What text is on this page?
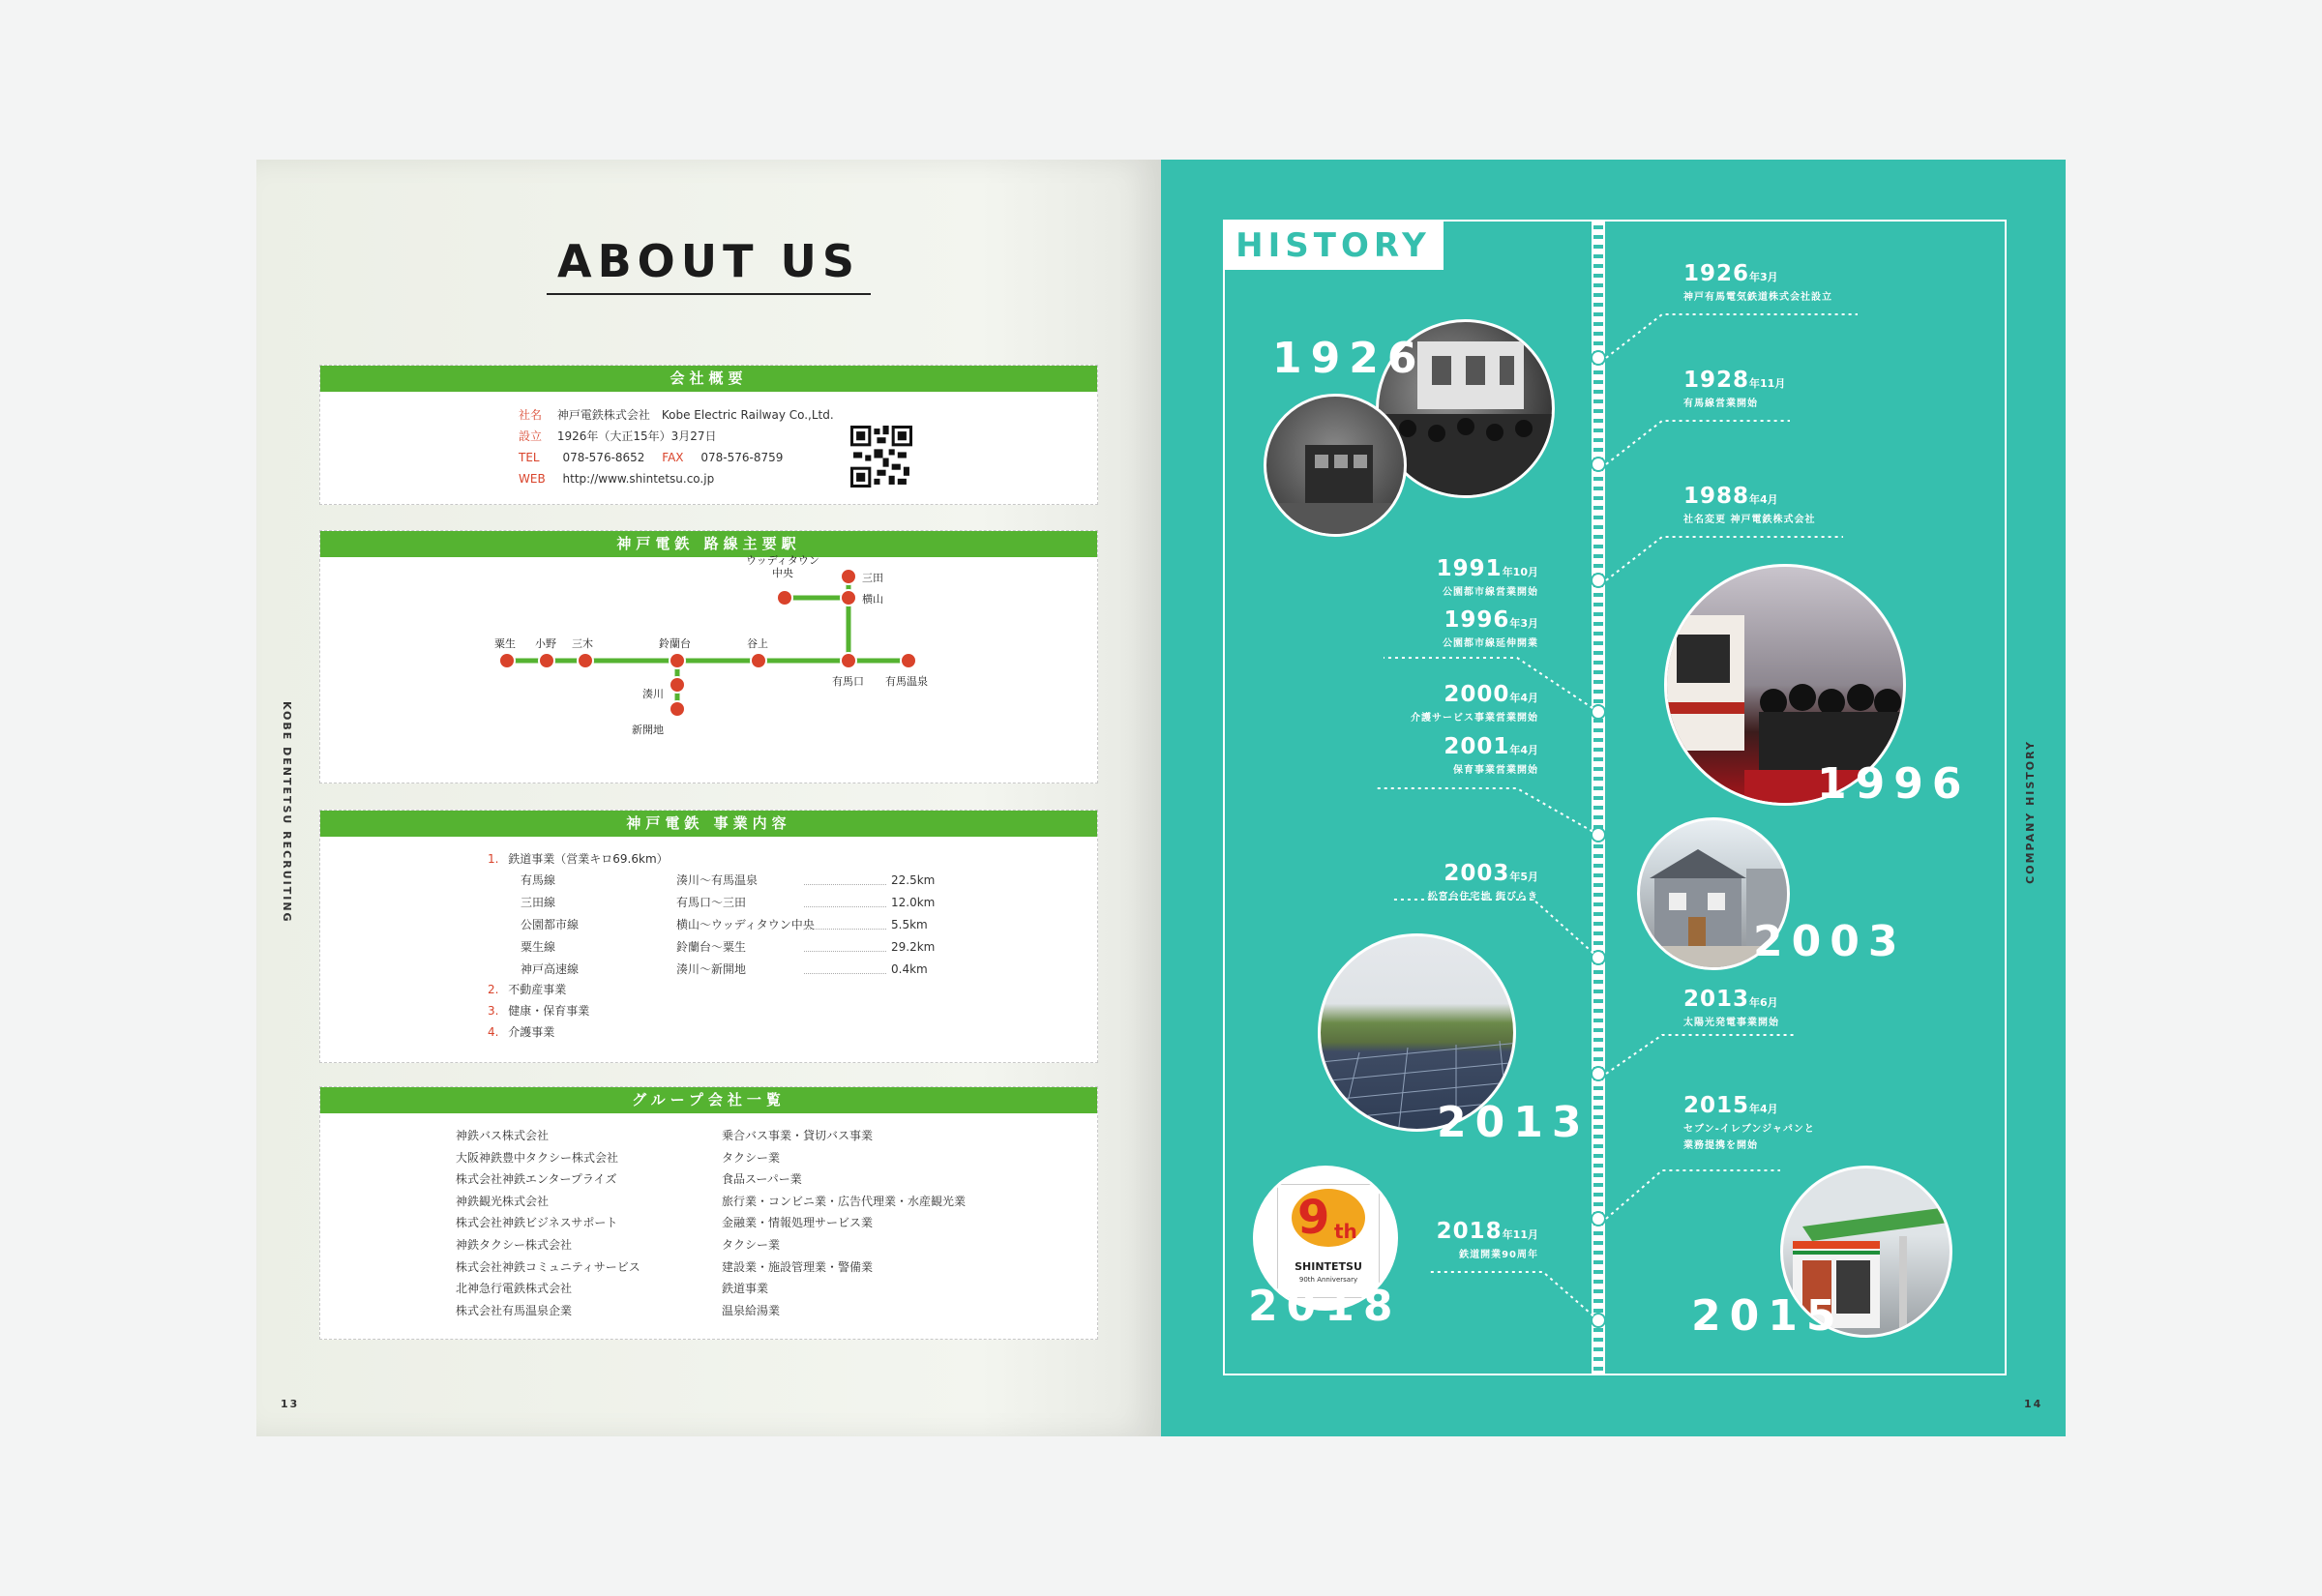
ABOUT US
KOBE DENTETSU RECRUITING
13
会社概要
社名 神戸電鉄株式会社　Kobe Electric Railway Co.,Ltd.
設立 1926年（大正15年）3月27日
TEL 078-576-8652 FAX 078-576-8759
WEB http://www.shintetsu.co.jp
神戸電鉄 路線主要駅
粟生 小野 三木	鈴蘭台	谷上
有馬口 有馬温泉
湊川
新開地
ウッディタウン
中央	三田
横山
神戸電鉄 事業内容
1. 鉄道事業（営業キロ69.6km）
有馬線	湊川～有馬温泉	22.5km
三田線	有馬口～三田	12.0km
公園都市線	横山～ウッディタウン中央	5.5km
粟生線	鈴蘭台～粟生	29.2km
神戸高速線	湊川～新開地	0.4km
2. 不動産事業
3. 健康・保育事業
4. 介護事業
グループ会社一覧
神鉄バス株式会社	乗合バス事業・貸切バス事業
大阪神鉄豊中タクシー株式会社	タクシー業
株式会社神鉄エンタープライズ	食品スーパー業
神鉄観光株式会社	旅行業・コンビニ業・広告代理業・水産観光業
株式会社神鉄ビジネスサポート	金融業・情報処理サービス業
神鉄タクシー株式会社	タクシー業
株式会社神鉄コミュニティサービス	建設業・施設管理業・警備業
北神急行電鉄株式会社	鉄道事業
株式会社有馬温泉企業	温泉給湯業
HISTORY
COMPANY HISTORY
14
1926年3月
神戸有馬電気鉄道株式会社設立
1928年11月
有馬線営業開始
1988年4月
社名変更 神戸電鉄株式会社
2013年6月
太陽光発電事業開始
2015年4月
セブン-イレブンジャパンと
業務提携を開始
1991年10月
公園都市線営業開始
1996年3月
公園都市線延伸開業
2000年4月
介護サービス事業営業開始
2001年4月
保育事業営業開始
2003年5月
松宮台住宅地 街びらき
2018年11月
鉄道開業90周年
1926
1996
2003
2013
2015
9 th
SHINTETSU
90th Anniversary
2018
